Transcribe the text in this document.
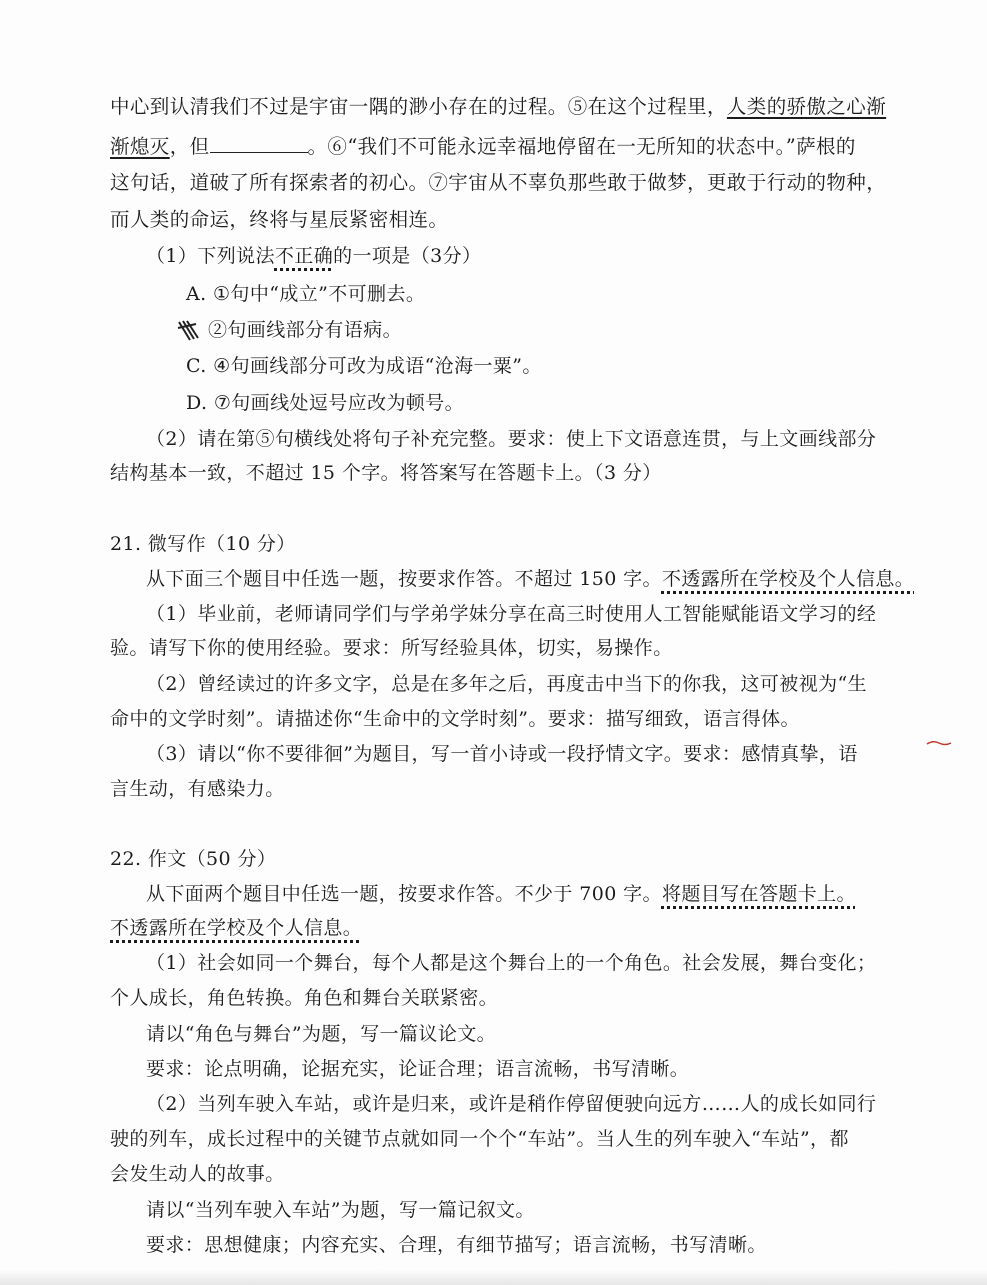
中心到认清我们不过是宇宙一隅的渺小存在的过程。⑤在这个过程里，人类的骄傲之心渐
渐熄灭，但	。⑥“我们不可能永远幸福地停留在一无所知的状态中。”萨根的
这句话，道破了所有探索者的初心。⑦宇宙从不辜负那些敢于做梦，更敢于行动的物种，
而人类的命运，终将与星辰紧密相连。
（1）下列说法不正确的一项是（3分）
A. ①句中“成立”不可删去。
②句画线部分有语病。
C. ④句画线部分可改为成语“沧海一粟”。
D. ⑦句画线处逗号应改为顿号。
（2）请在第⑤句横线处将句子补充完整。要求：使上下文语意连贯，与上文画线部分
结构基本一致，不超过 15 个字。将答案写在答题卡上。（3 分）
21. 微写作（10 分）
从下面三个题目中任选一题，按要求作答。不超过 150 字。不透露所在学校及个人信息。
（1）毕业前，老师请同学们与学弟学妹分享在高三时使用人工智能赋能语文学习的经
验。请写下你的使用经验。要求：所写经验具体，切实，易操作。
（2）曾经读过的许多文字，总是在多年之后，再度击中当下的你我，这可被视为“生
命中的文学时刻”。请描述你“生命中的文学时刻”。要求：描写细致，语言得体。
（3）请以“你不要徘徊”为题目，写一首小诗或一段抒情文字。要求：感情真挚，语
言生动，有感染力。
22. 作文（50 分）
从下面两个题目中任选一题，按要求作答。不少于 700 字。将题目写在答题卡上。
不透露所在学校及个人信息。
（1）社会如同一个舞台，每个人都是这个舞台上的一个角色。社会发展，舞台变化；
个人成长，角色转换。角色和舞台关联紧密。
请以“角色与舞台”为题，写一篇议论文。
要求：论点明确，论据充实，论证合理；语言流畅，书写清晰。
（2）当列车驶入车站，或许是归来，或许是稍作停留便驶向远方……人的成长如同行
驶的列车，成长过程中的关键节点就如同一个个“车站”。当人生的列车驶入“车站”，都
会发生动人的故事。
请以“当列车驶入车站”为题，写一篇记叙文。
要求：思想健康；内容充实、合理，有细节描写；语言流畅，书写清晰。
